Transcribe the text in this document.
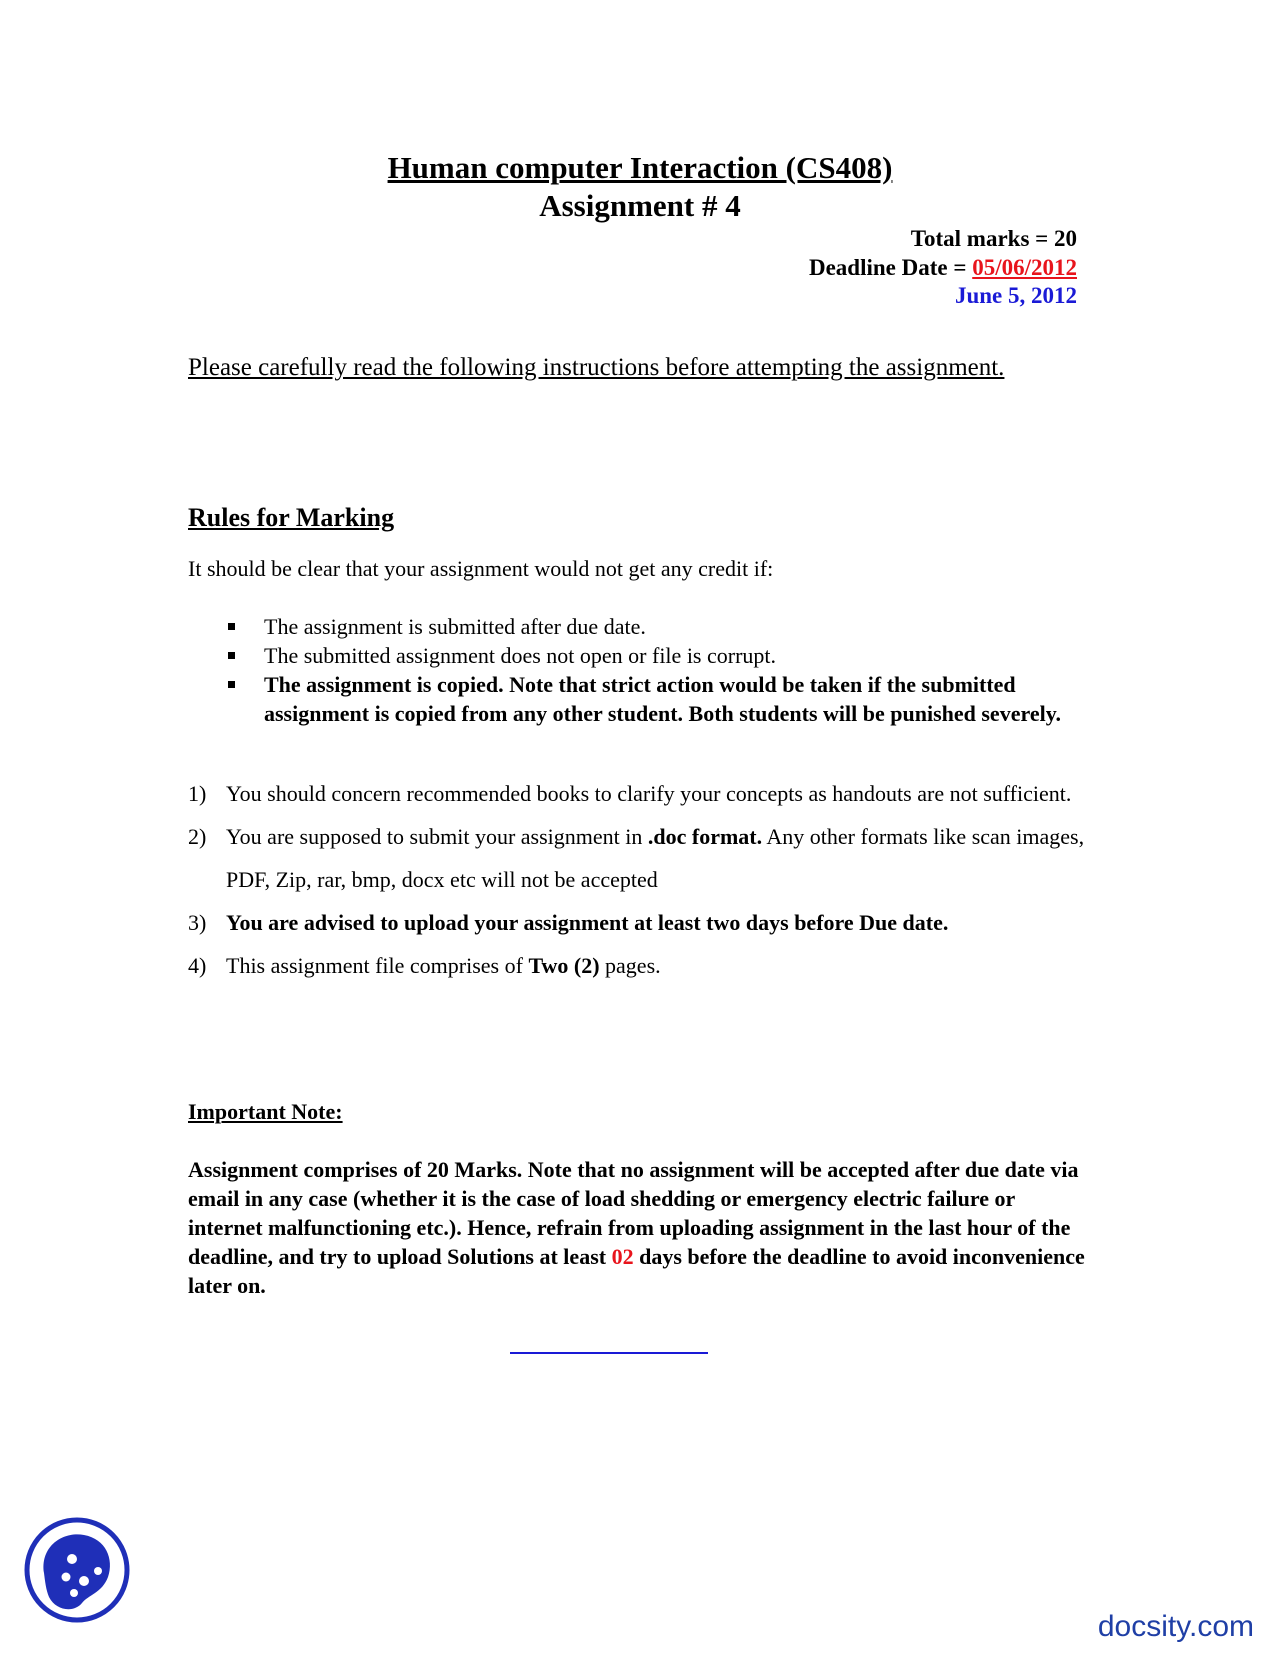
Human computer Interaction (CS408)
Assignment # 4
Total marks = 20
Deadline Date = 05/06/2012
June 5, 2012
Please carefully read the following instructions before attempting the assignment.
Rules for Marking
It should be clear that your assignment would not get any credit if:
The assignment is submitted after due date.
The submitted assignment does not open or file is corrupt.
The assignment is copied. Note that strict action would be taken if the submitted assignment is copied from any other student. Both students will be punished severely.
1) You should concern recommended books to clarify your concepts as handouts are not sufficient.
2) You are supposed to submit your assignment in .doc format. Any other formats like scan images, PDF, Zip, rar, bmp, docx etc will not be accepted
3) You are advised to upload your assignment at least two days before Due date.
4) This assignment file comprises of Two (2) pages.
Important Note:
Assignment comprises of 20 Marks. Note that no assignment will be accepted after due date via email in any case (whether it is the case of load shedding or emergency electric failure or internet malfunctioning etc.). Hence, refrain from uploading assignment in the last hour of the deadline, and try to upload Solutions at least 02 days before the deadline to avoid inconvenience later on.
docsity.com
